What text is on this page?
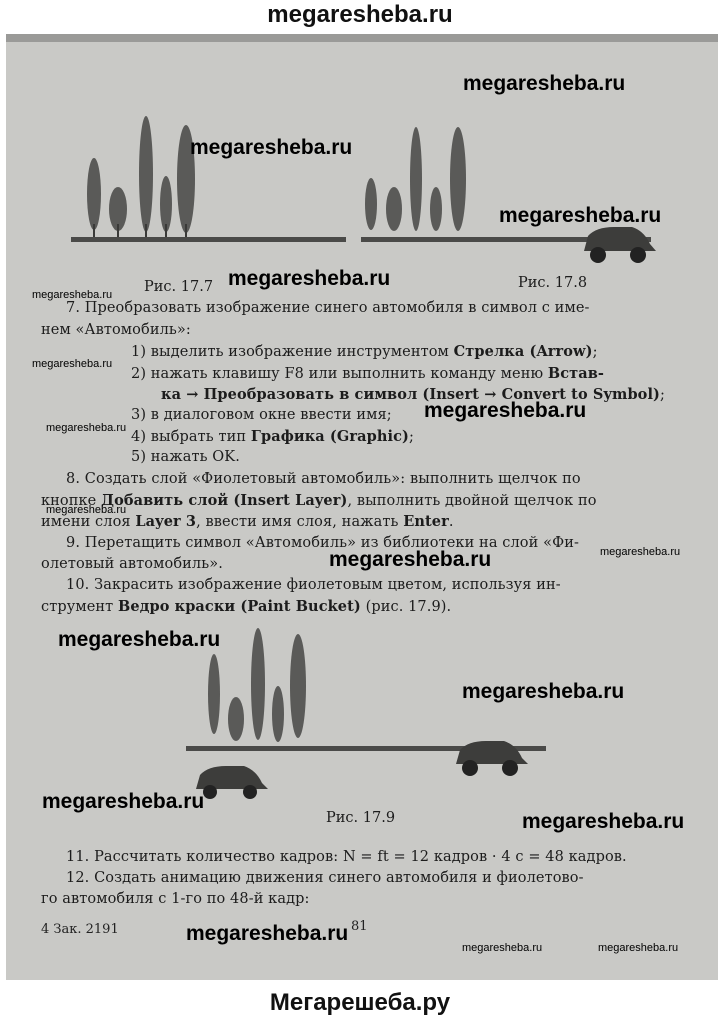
megaresheba.ru
Рис. 17.7	Рис. 17.8
7. Преобразовать изображение синего автомобиля в символ с име-
нем «Автомобиль»:
1) выделить изображение инструментом Стрелка (Arrow);
2) нажать клавишу F8 или выполнить команду меню Встав-
ка → Преобразовать в символ (Insert → Convert to Symbol);
3) в диалоговом окне ввести имя;
4) выбрать тип Графика (Graphic);
5) нажать OK.
8. Создать слой «Фиолетовый автомобиль»: выполнить щелчок по
кнопке Добавить слой (Insert Layer), выполнить двойной щелчок по
имени слоя Layer 3, ввести имя слоя, нажать Enter.
9. Перетащить символ «Автомобиль» из библиотеки на слой «Фи-
олетовый автомобиль».
10. Закрасить изображение фиолетовым цветом, используя ин-
струмент Ведро краски (Paint Bucket) (рис. 17.9).
Рис. 17.9
11. Рассчитать количество кадров: N = ft = 12 кадров · 4 с = 48 кадров.
12. Создать анимацию движения синего автомобиля и фиолетово-
го автомобиля с 1-го по 48-й кадр:
4 Зак. 2191	81
megaresheba.ru
megaresheba.ru
megaresheba.ru
megaresheba.ru
megaresheba.ru
megaresheba.ru
megaresheba.ru
megaresheba.ru
megaresheba.ru
megaresheba.ru
megaresheba.ru
megaresheba.ru
megaresheba.ru
megaresheba.ru
megaresheba.ru
megaresheba.ru
megaresheba.ru	megaresheba.ru
Мегарешеба.ру
